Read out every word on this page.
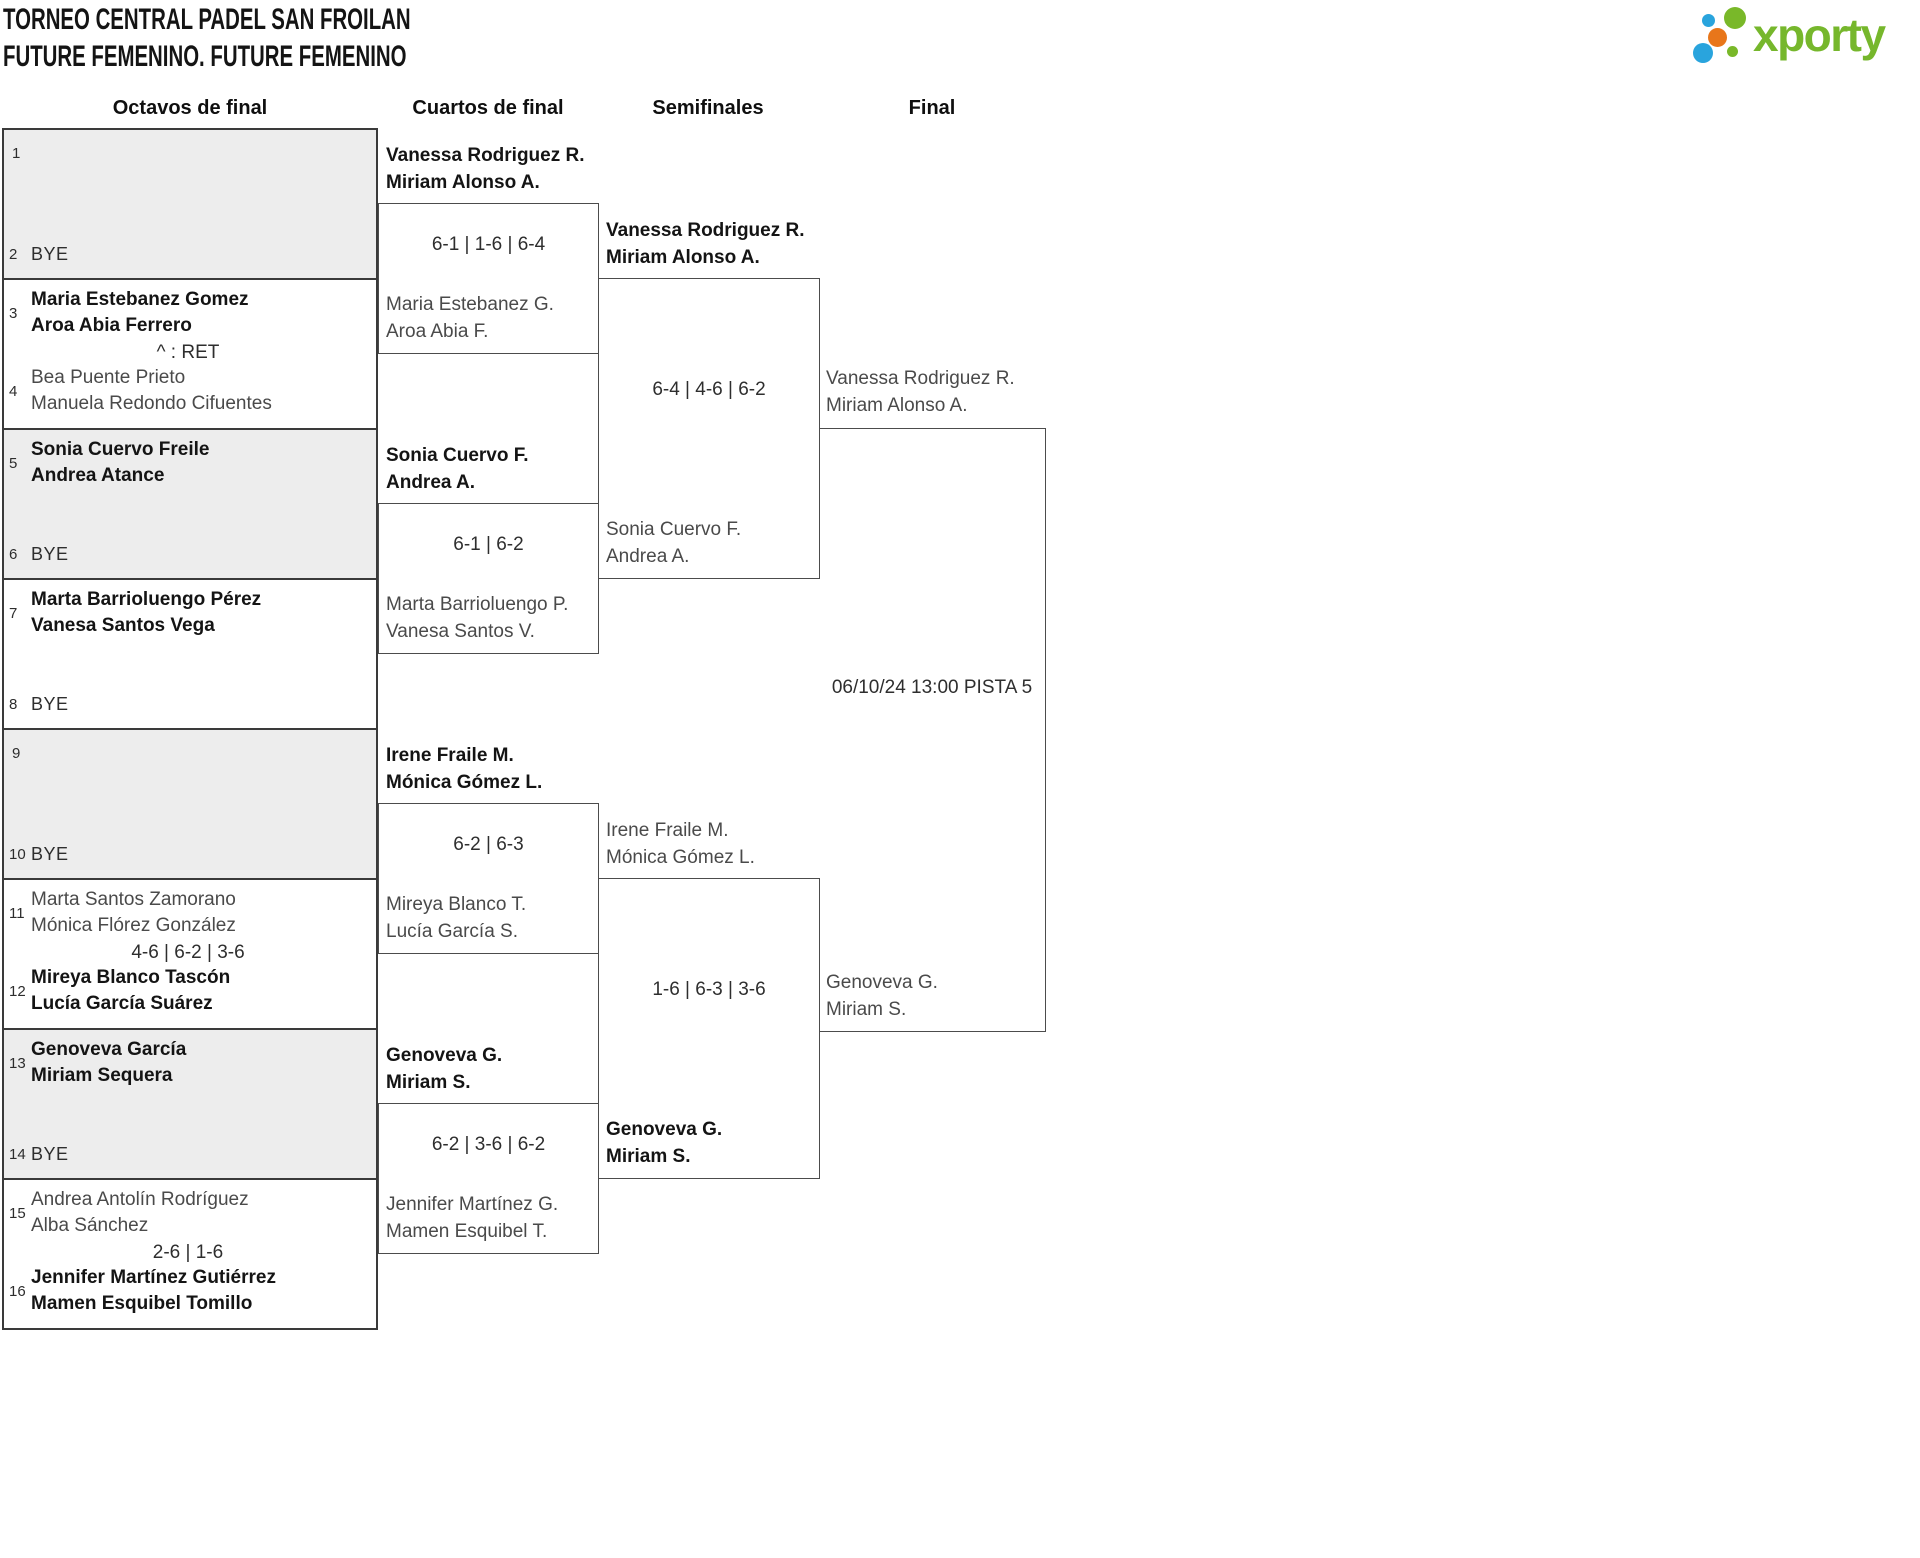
TORNEO CENTRAL PADEL SAN FROILAN
FUTURE FEMENINO. FUTURE FEMENINO	xporty
Octavos de final	Cuartos de final	Semifinales	Final
1
2 BYE
3
Maria Estebanez Gomez
Aroa Abia Ferrero
^ : RET
4
Bea Puente Prieto
Manuela Redondo Cifuentes
5
Sonia Cuervo Freile
Andrea Atance
6 BYE
7
Marta Barrioluengo Pérez
Vanesa Santos Vega
8 BYE
9
10 BYE
11
Marta Santos Zamorano
Mónica Flórez González
4-6 | 6-2 | 3-6
12
Mireya Blanco Tascón
Lucía García Suárez
13
Genoveva García
Miriam Sequera
14 BYE
15
Andrea Antolín Rodríguez
Alba Sánchez
2-6 | 1-6
16
Jennifer Martínez Gutiérrez
Mamen Esquibel Tomillo
Vanessa Rodriguez R.
Miriam Alonso A.
6-1 | 1-6 | 6-4
Maria Estebanez G.
Aroa Abia F.
Sonia Cuervo F.
Andrea A.
6-1 | 6-2
Marta Barrioluengo P.
Vanesa Santos V.
Irene Fraile M.
Mónica Gómez L.
6-2 | 6-3
Mireya Blanco T.
Lucía García S.
Genoveva G.
Miriam S.
6-2 | 3-6 | 6-2
Jennifer Martínez G.
Mamen Esquibel T.
Vanessa Rodriguez R.
Miriam Alonso A.
6-4 | 4-6 | 6-2
Sonia Cuervo F.
Andrea A.
Irene Fraile M.
Mónica Gómez L.
1-6 | 6-3 | 3-6
Genoveva G.
Miriam S.
Vanessa Rodriguez R.
Miriam Alonso A.
06/10/24 13:00 PISTA 5
Genoveva G.
Miriam S.
